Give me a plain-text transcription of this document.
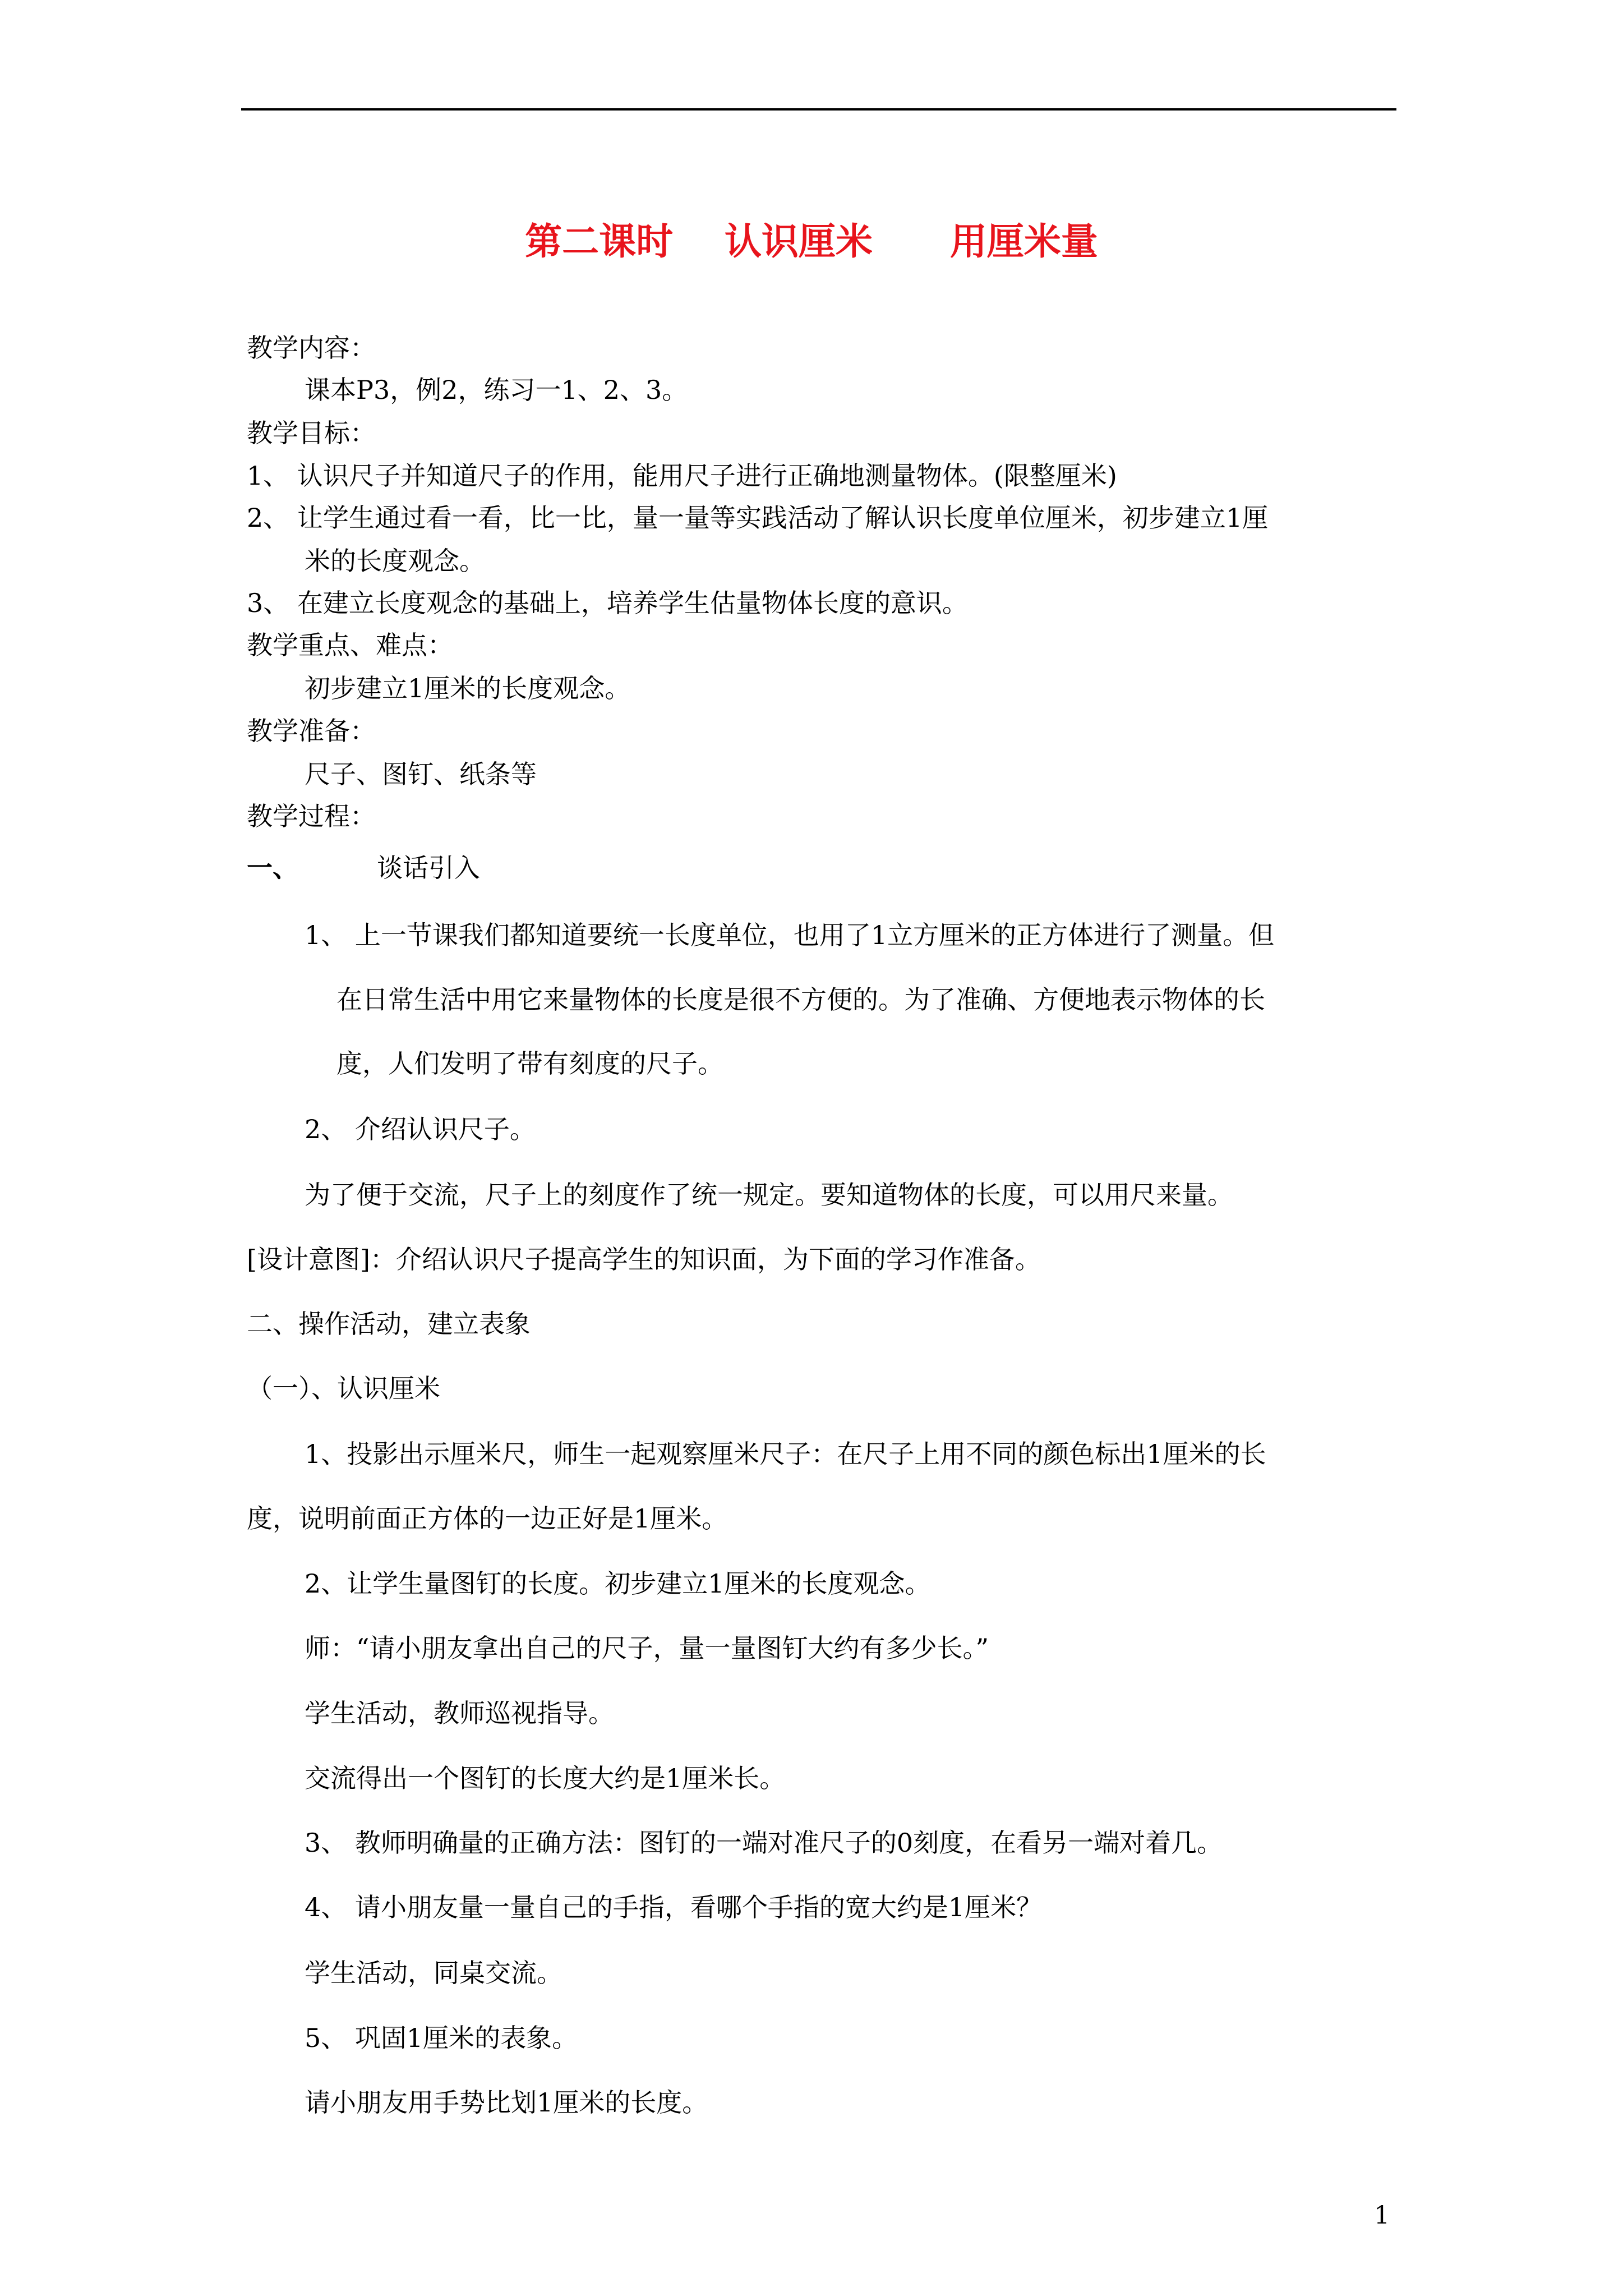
第二课时    认识厘米      用厘米量

教学内容：

课本P3，例2，练习一1、2、3。

教学目标：

1、 认识尺子并知道尺子的作用，能用尺子进行正确地测量物体。(限整厘米)

2、 让学生通过看一看，比一比，量一量等实践活动了解认识长度单位厘米，初步建立1厘

米的长度观念。

3、 在建立长度观念的基础上，培养学生估量物体长度的意识。

教学重点、难点：

初步建立1厘米的长度观念。

教学准备：

尺子、图钉、纸条等

教学过程：

一、	谈话引入

1、 上一节课我们都知道要统一长度单位，也用了1立方厘米的正方体进行了测量。但

在日常生活中用它来量物体的长度是很不方便的。为了准确、方便地表示物体的长

度，人们发明了带有刻度的尺子。

2、 介绍认识尺子。

为了便于交流，尺子上的刻度作了统一规定。要知道物体的长度，可以用尺来量。

[设计意图]：介绍认识尺子提高学生的知识面，为下面的学习作准备。

二、操作活动，建立表象

（一）、认识厘米

1、投影出示厘米尺，师生一起观察厘米尺子：在尺子上用不同的颜色标出1厘米的长

度，说明前面正方体的一边正好是1厘米。

2、让学生量图钉的长度。初步建立1厘米的长度观念。

师：“请小朋友拿出自己的尺子，量一量图钉大约有多少长。”

学生活动，教师巡视指导。

交流得出一个图钉的长度大约是1厘米长。

3、 教师明确量的正确方法：图钉的一端对准尺子的0刻度，在看另一端对着几。

4、 请小朋友量一量自己的手指，看哪个手指的宽大约是1厘米？

学生活动，同桌交流。

5、 巩固1厘米的表象。

请小朋友用手势比划1厘米的长度。

1
